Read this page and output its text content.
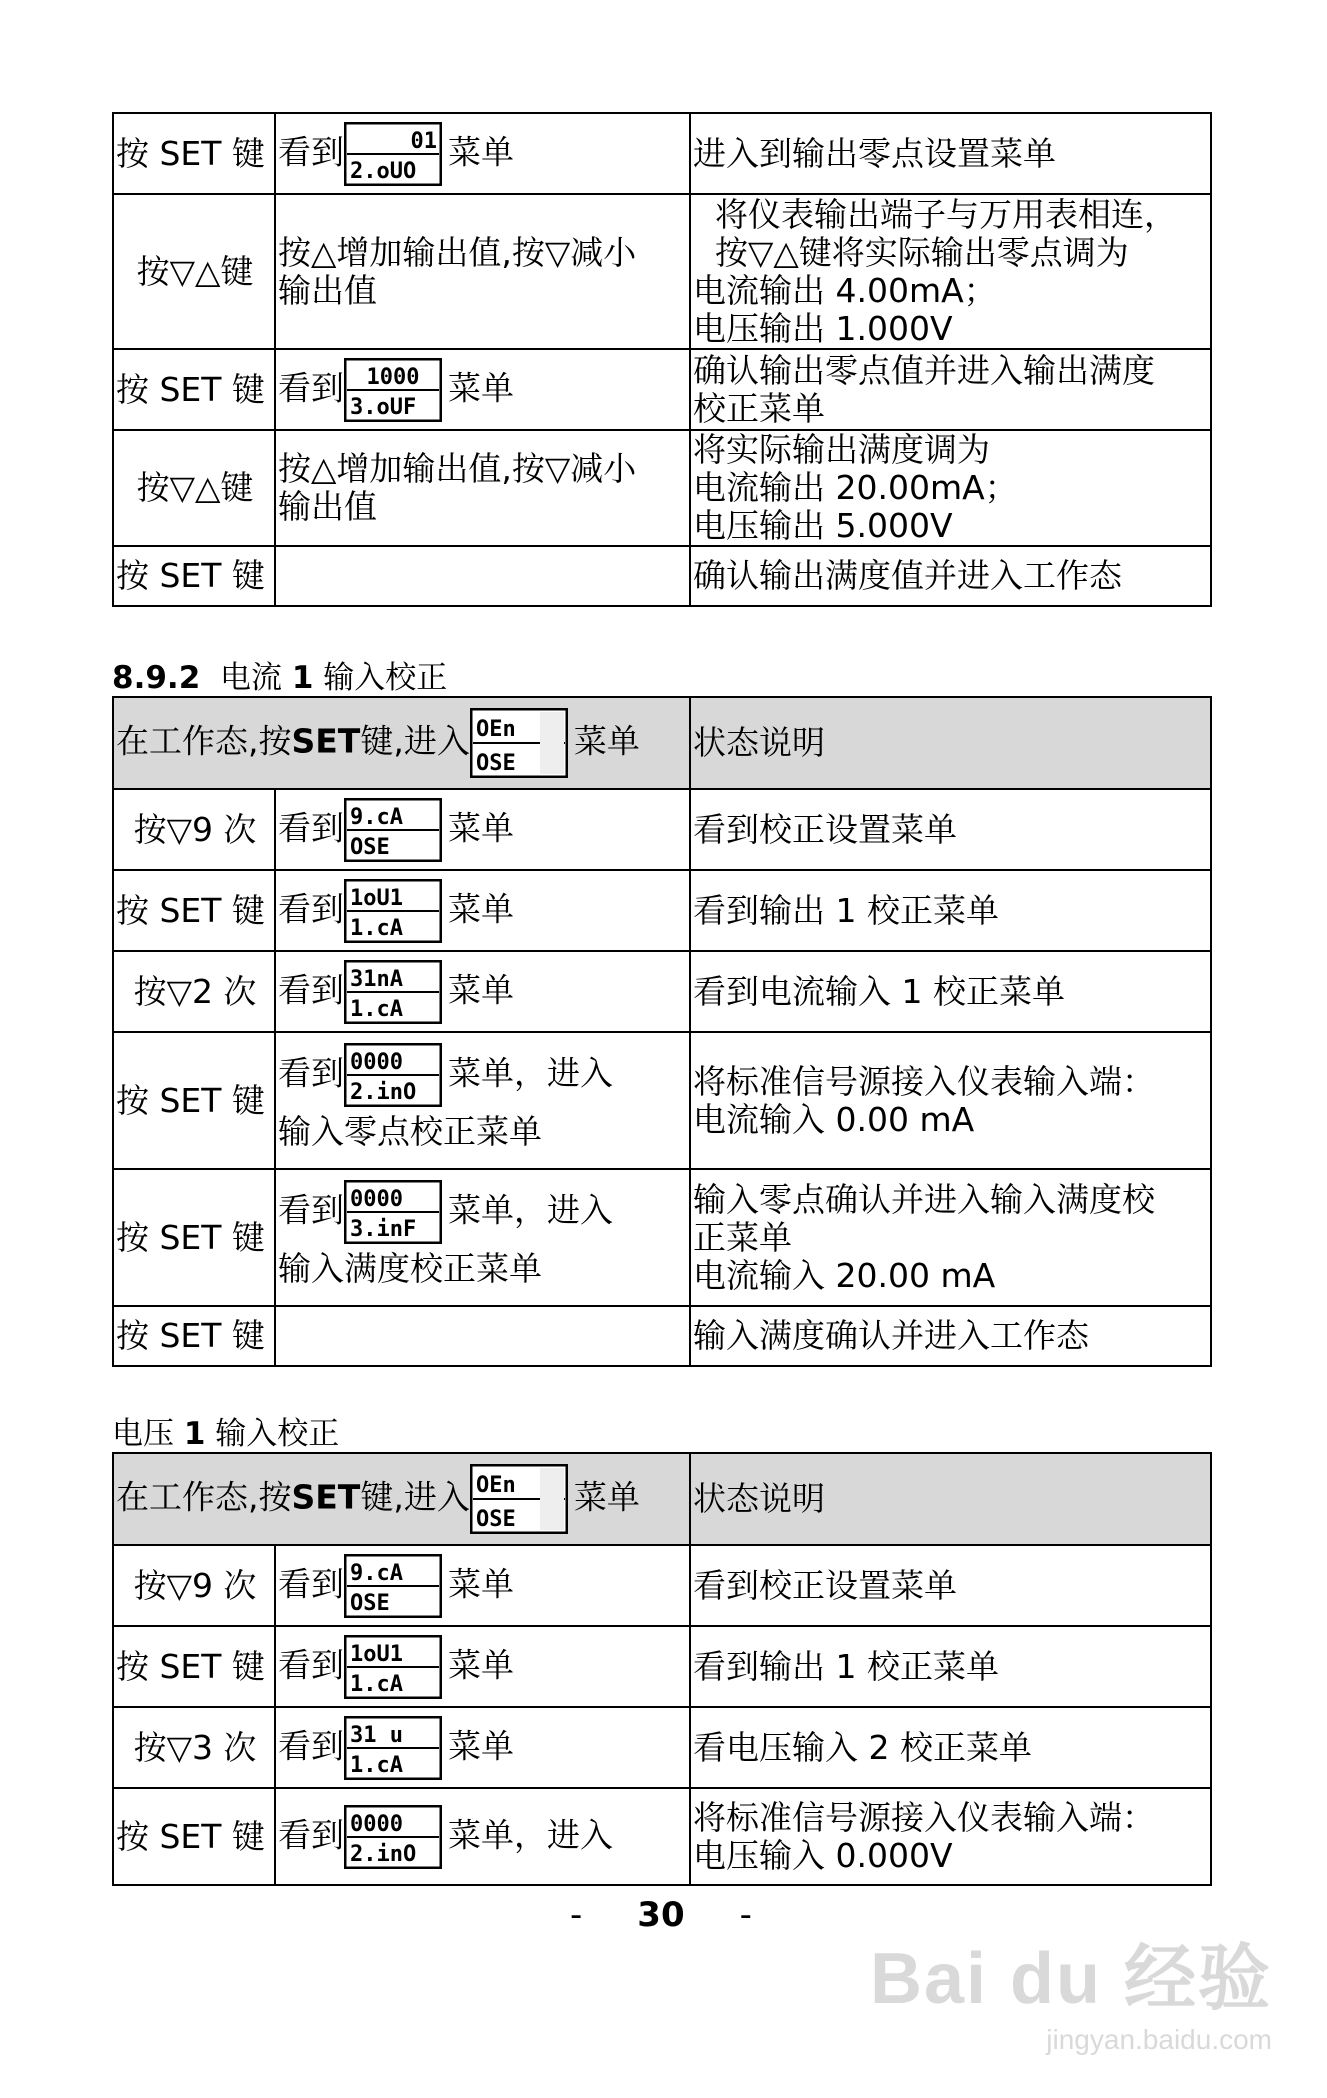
按 SET 键	看到 01
2.oUO 菜单	进入到输出零点设置菜单

按▽△键	按△增加输出值,按▽减小
输出值	将仪表输出端子与万用表相连，
按▽△键将实际输出零点调为
电流输出 4.00mA；
电压输出 1.000V

按 SET 键	看到 1000
3.oUF 菜单	确认输出零点值并进入输出满度
校正菜单

按▽△键	按△增加输出值,按▽减小
输出值	将实际输出满度调为
电流输出 20.00mA；
电压输出 5.000V

按 SET 键		确认输出满度值并进入工作态
8.9.2 电流 1 输入校正
在工作态,按SET键,进入 OEn
OSE
菜单		状态说明
按▽9 次	看到 9.cA
OSE 菜单	看到校正设置菜单

按 SET 键	看到 1oU1
1.cA 菜单	看到输出 1 校正菜单

按▽2 次	看到 31nA
1.cA 菜单	看到电流输入 1 校正菜单

按 SET 键	看到 0000
2.inO 菜单，进入
输入零点校正菜单	将标准信号源接入仪表输入端：
电流输入 0.00 mA

按 SET 键	看到 0000
3.inF 菜单，进入
输入满度校正菜单	输入零点确认并进入输入满度校
正菜单
电流输入 20.00 mA

按 SET 键		输入满度确认并进入工作态
电压 1 输入校正
在工作态,按SET键,进入 OEn
OSE
菜单		状态说明
按▽9 次	看到 9.cA
OSE 菜单	看到校正设置菜单

按 SET 键	看到 1oU1
1.cA 菜单	看到输出 1 校正菜单

按▽3 次	看到 31 u
1.cA 菜单	看电压输入 2 校正菜单

按 SET 键	看到 0000
2.inO 菜单，进入	将标准信号源接入仪表输入端：
电压输入 0.000V
- 30 -
Bai du 经验
jingyan.baidu.com
